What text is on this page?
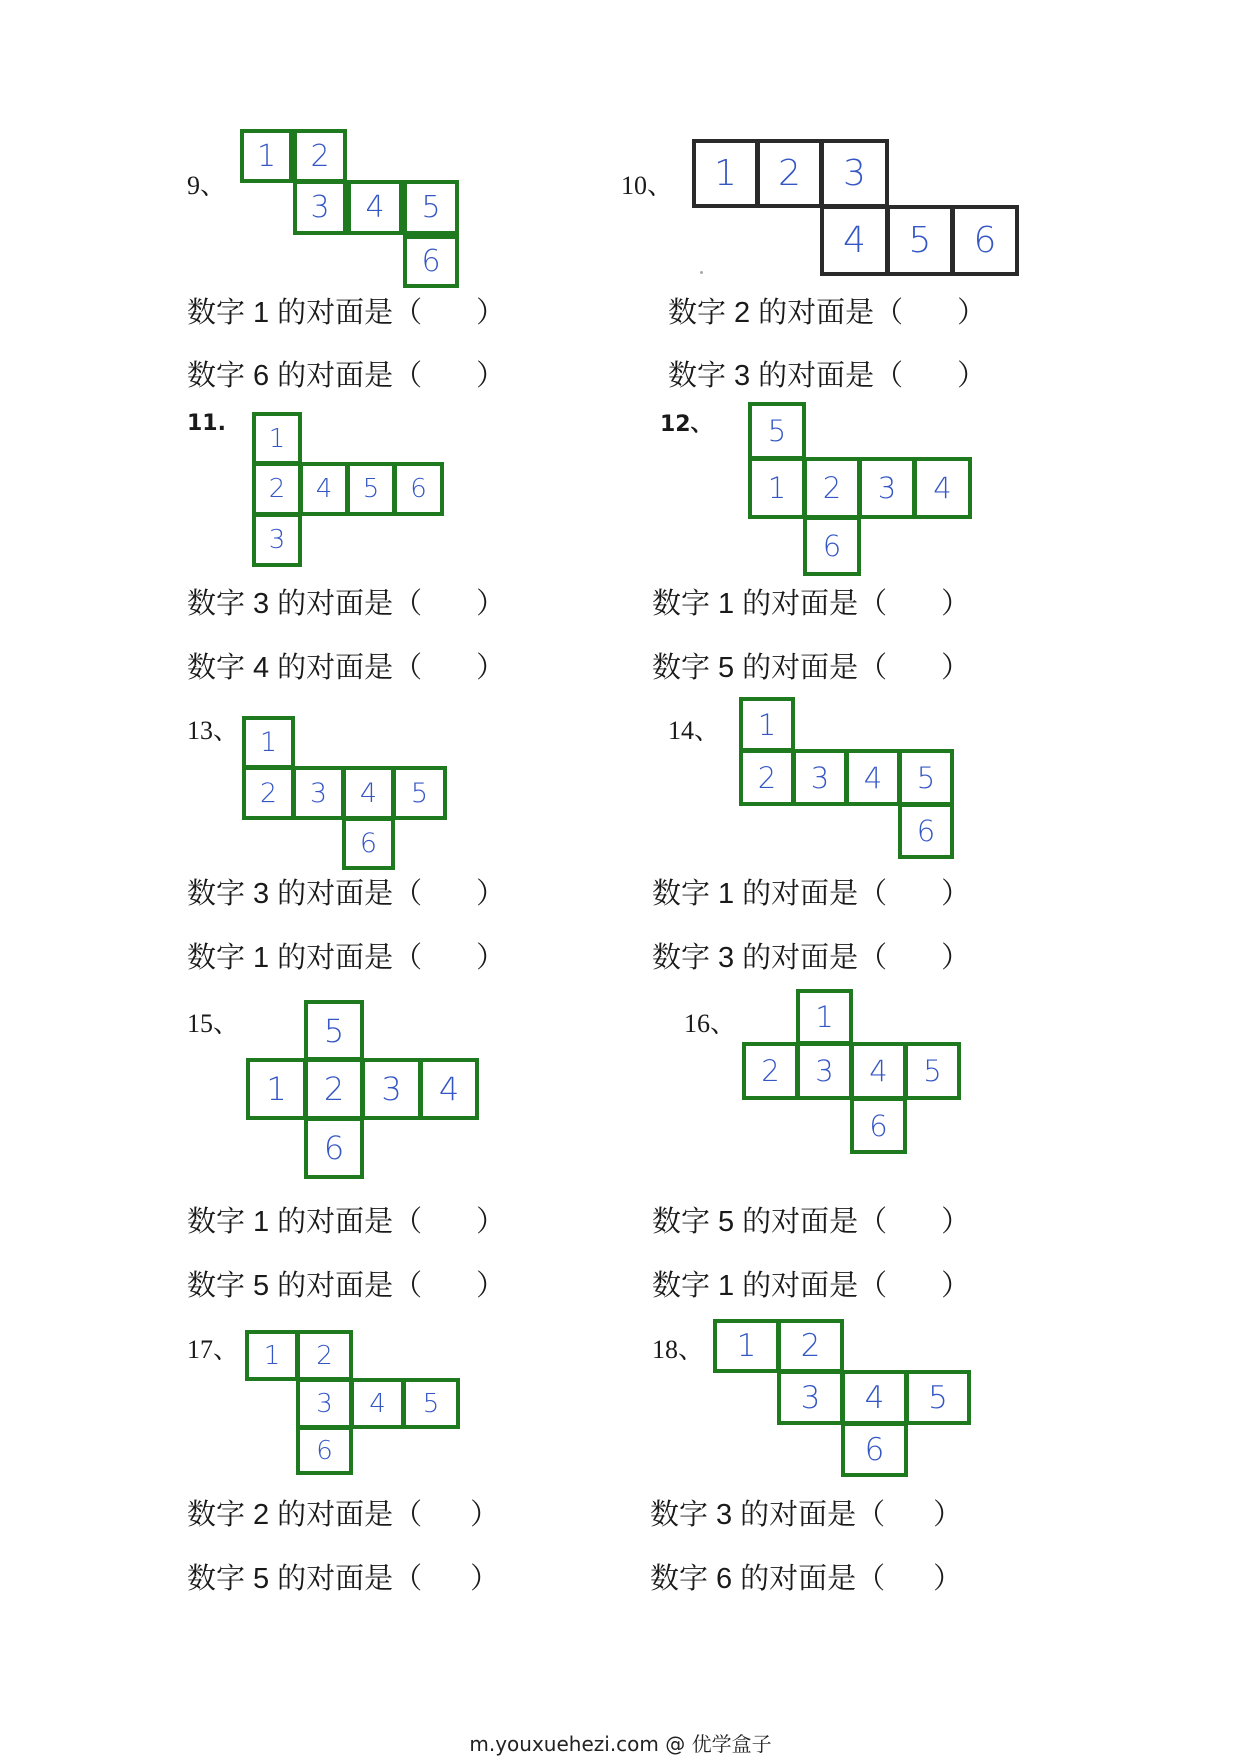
9、
1	2
3	4	5
6
数字 1 的对面是（ ）
数字 6 的对面是（ ）
10、	1	2	3
4	5	6
数字 2 的对面是（ ）
数字 3 的对面是（ ）
11.	1
2	4	5	6
3
数字 3 的对面是（ ）
数字 4 的对面是（ ）
12、	5
1	2	3	4
6
数字 1 的对面是（ ）
数字 5 的对面是（ ）
13、 1
2	3	4	5
6
数字 3 的对面是（ ）
数字 1 的对面是（ ）
14、	1
2	3	4	5
6
数字 1 的对面是（ ）
数字 3 的对面是（ ）
15、	5
1	2	3	4
6
数字 1 的对面是（ ）
数字 5 的对面是（ ）
16、	1
2	3	4	5
6
数字 5 的对面是（ ）
数字 1 的对面是（ ）
17、 1	2
3	4	5
6
数字 2 的对面是（ ）
数字 5 的对面是（ ）
18、	1	2
3	4	5
6
数字 3 的对面是（ ）
数字 6 的对面是（ ）
m.youxuehezi.com @ 优学盒子
